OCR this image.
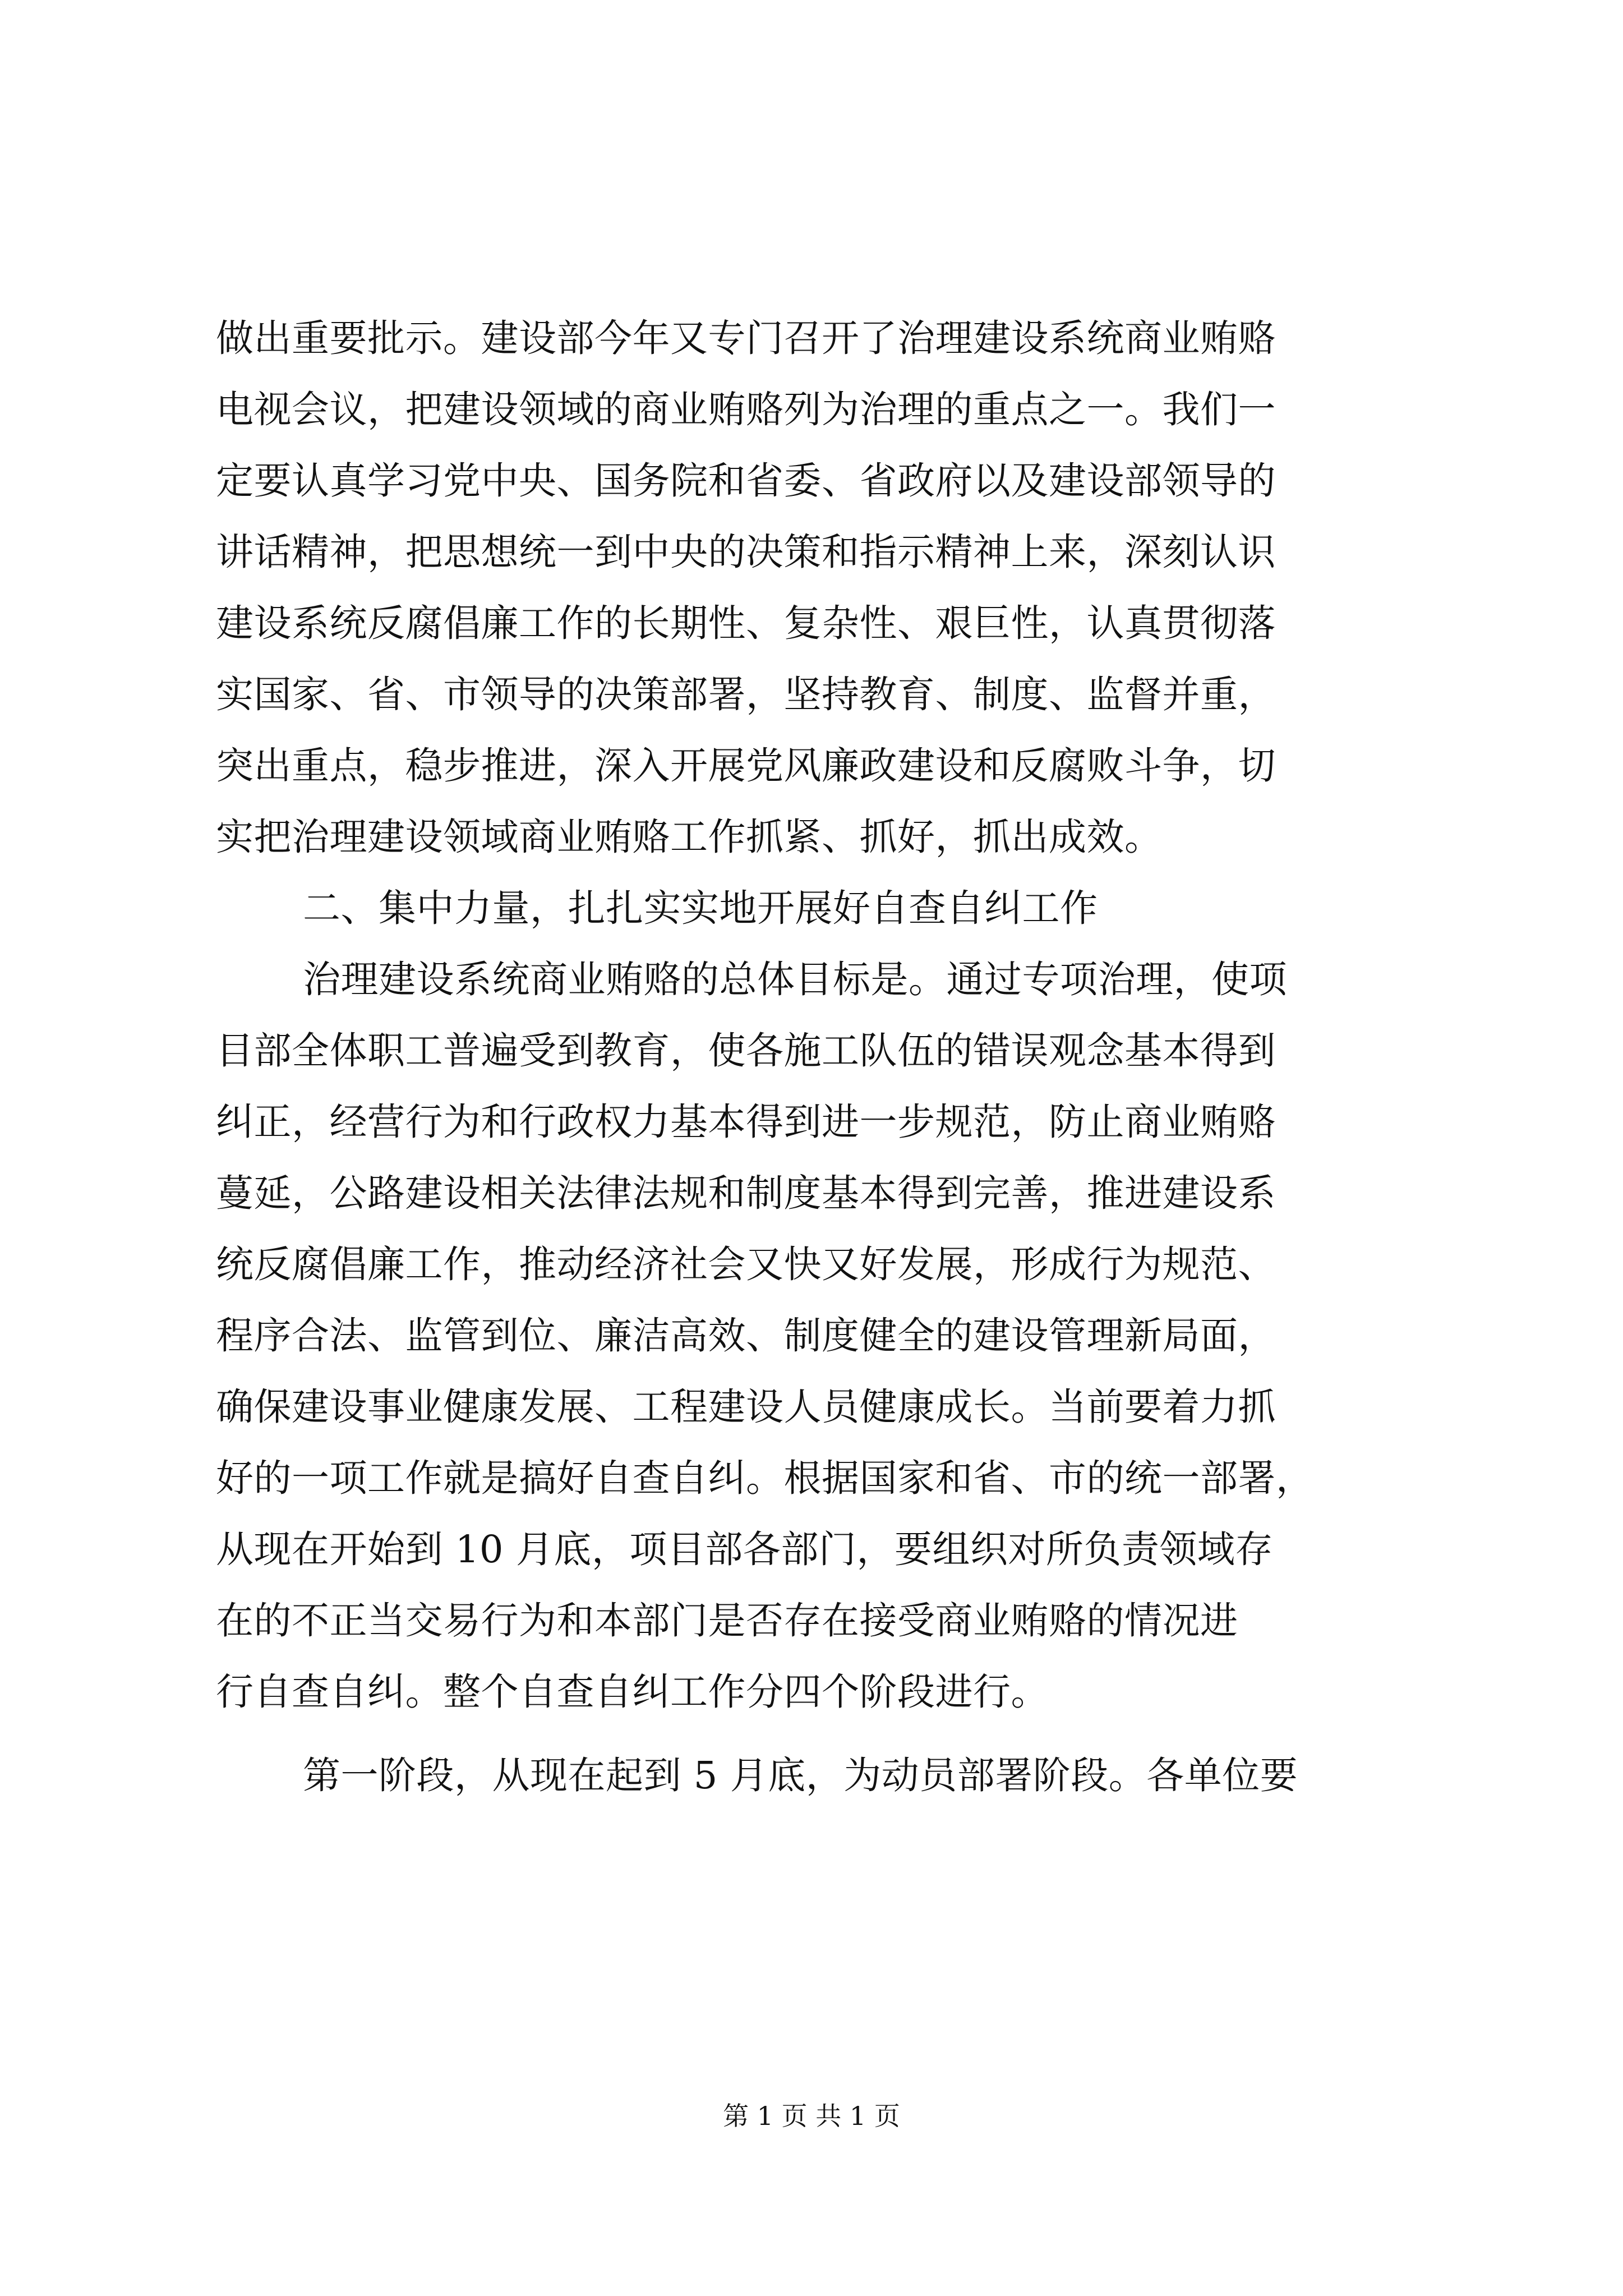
做出重要批示。建设部今年又专门召开了治理建设系统商业贿赂
电视会议，把建设领域的商业贿赂列为治理的重点之一。我们一
定要认真学习党中央、国务院和省委、省政府以及建设部领导的
讲话精神，把思想统一到中央的决策和指示精神上来，深刻认识
建设系统反腐倡廉工作的长期性、复杂性、艰巨性，认真贯彻落
实国家、省、市领导的决策部署，坚持教育、制度、监督并重，
突出重点，稳步推进，深入开展党风廉政建设和反腐败斗争，切
实把治理建设领域商业贿赂工作抓紧、抓好，抓出成效。
二、集中力量，扎扎实实地开展好自查自纠工作
治理建设系统商业贿赂的总体目标是。通过专项治理，使项
目部全体职工普遍受到教育，使各施工队伍的错误观念基本得到
纠正，经营行为和行政权力基本得到进一步规范，防止商业贿赂
蔓延，公路建设相关法律法规和制度基本得到完善，推进建设系
统反腐倡廉工作，推动经济社会又快又好发展，形成行为规范、
程序合法、监管到位、廉洁高效、制度健全的建设管理新局面，
确保建设事业健康发展、工程建设人员健康成长。当前要着力抓
好的一项工作就是搞好自查自纠。根据国家和省、市的统一部署，
从现在开始到 10 月底，项目部各部门，要组织对所负责领域存
在的不正当交易行为和本部门是否存在接受商业贿赂的情况进
行自查自纠。整个自查自纠工作分四个阶段进行。
第一阶段，从现在起到 5 月底，为动员部署阶段。各单位要
第 1 页 共 1 页
